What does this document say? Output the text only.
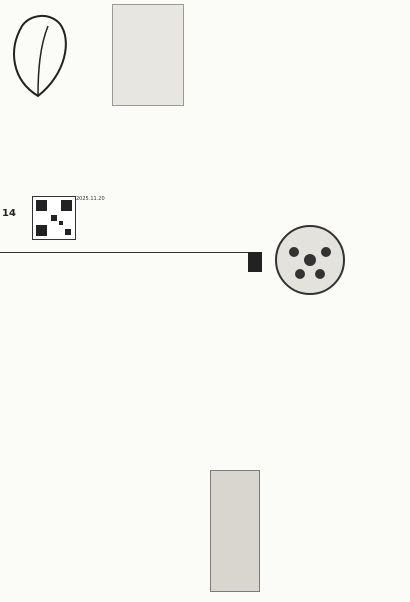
14
2025.11.20
